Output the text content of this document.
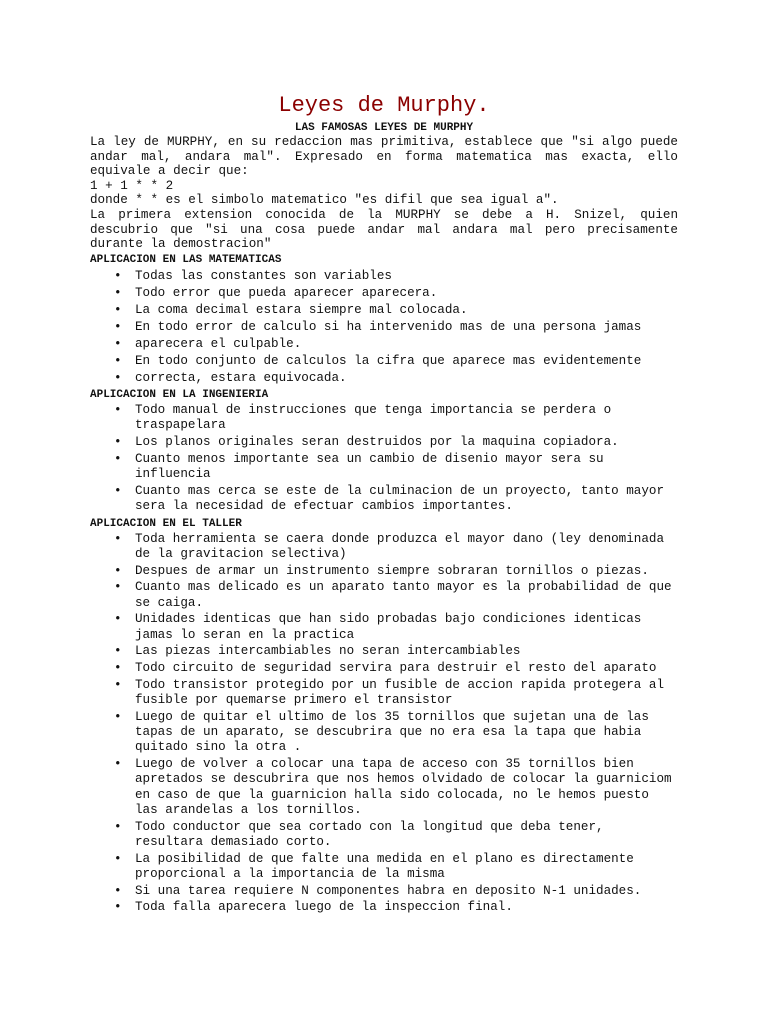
Leyes de Murphy.
LAS FAMOSAS LEYES DE MURPHY

La ley de MURPHY, en su redaccion mas primitiva, establece que "si algo puede andar mal, andara mal". Expresado en forma matematica mas exacta, ello equivale a decir que:

1 + 1 * * 2

donde * * es el simbolo matematico "es difil que sea igual a".

La primera extension conocida de la MURPHY se debe a H. Snizel, quien descubrio que "si una cosa puede andar mal andara mal pero precisamente durante la demostracion"

APLICACION EN LAS MATEMATICAS

• Todas las constantes son variables
• Todo error que pueda aparecer aparecera.
• La coma decimal estara siempre mal colocada.
• En todo error de calculo si ha intervenido mas de una persona jamas
• aparecera el culpable.
• En todo conjunto de calculos la cifra que aparece mas evidentemente
• correcta, estara equivocada.

APLICACION EN LA INGENIERIA

• Todo manual de instrucciones que tenga importancia se perdera o traspapelara
• Los planos originales seran destruidos por la maquina copiadora.
• Cuanto menos importante sea un cambio de disenio mayor sera su influencia
• Cuanto mas cerca se este de la culminacion de un proyecto, tanto mayor sera la necesidad de efectuar cambios importantes.

APLICACION EN EL TALLER

• Toda herramienta se caera donde produzca el mayor dano (ley denominada de la gravitacion selectiva)
• Despues de armar un instrumento siempre sobraran tornillos o piezas.
• Cuanto mas delicado es un aparato tanto mayor es la probabilidad de que se caiga.
• Unidades identicas que han sido probadas bajo condiciones identicas jamas lo seran en la practica
• Las piezas intercambiables no seran intercambiables
• Todo circuito de seguridad servira para destruir el resto del aparato
• Todo transistor protegido por un fusible de accion rapida protegera al fusible por quemarse primero el transistor
• Luego de quitar el ultimo de los 35 tornillos que sujetan una de las tapas de un aparato, se descubrira que no era esa la tapa que habia quitado sino la otra .
• Luego de volver a colocar una tapa de acceso con 35 tornillos bien apretados se descubrira que nos hemos olvidado de colocar la guarniciom en caso de que la guarnicion halla sido colocada, no le hemos puesto las arandelas a los tornillos.
• Todo conductor que sea cortado con la longitud que deba tener, resultara demasiado corto.
• La posibilidad de que falte una medida en el plano es directamente proporcional a la importancia de la misma
• Si una tarea requiere N componentes habra en deposito N-1 unidades.
• Toda falla aparecera luego de la inspeccion final.
